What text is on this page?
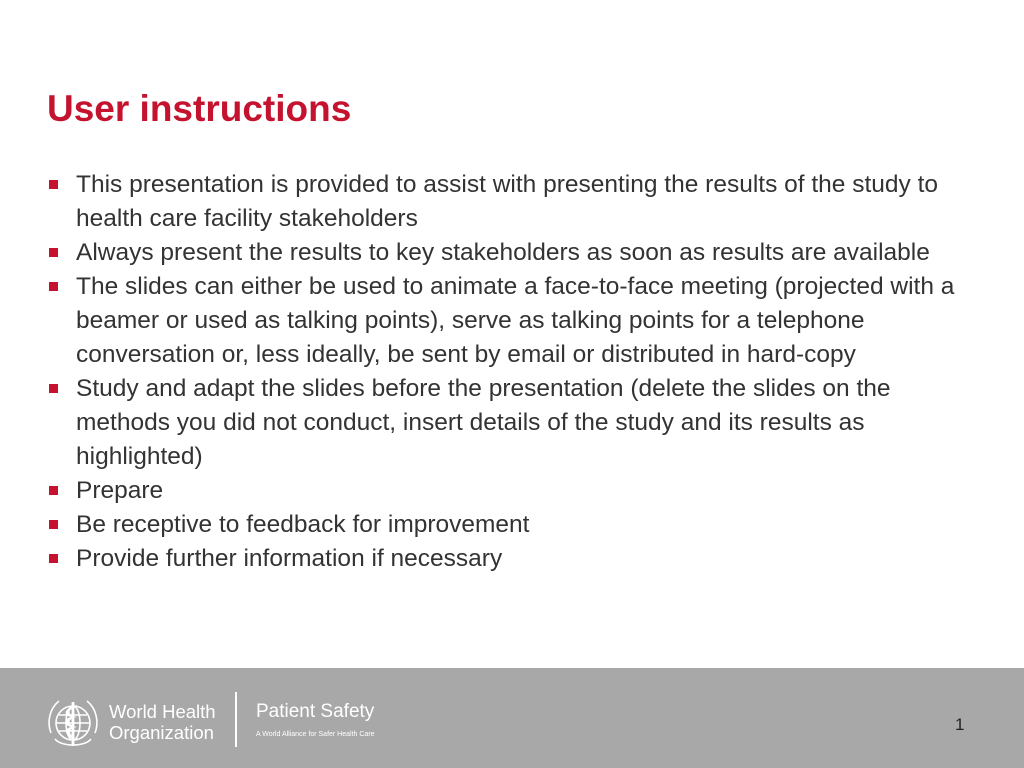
User instructions
This presentation is provided to assist with presenting the results of the study to health care facility stakeholders
Always present the results to key stakeholders as soon as results are available
The slides can either be used to animate a face-to-face meeting (projected with a beamer or used as talking points), serve as talking points for a telephone conversation or, less ideally, be sent by email or distributed in hard-copy
Study and adapt the slides before the presentation (delete the slides on the methods you did not conduct, insert details of the study and its results as highlighted)
Prepare
Be receptive to feedback for improvement
Provide further information if necessary
World Health
Organization
Patient Safety
A World Alliance for Safer Health Care
1
